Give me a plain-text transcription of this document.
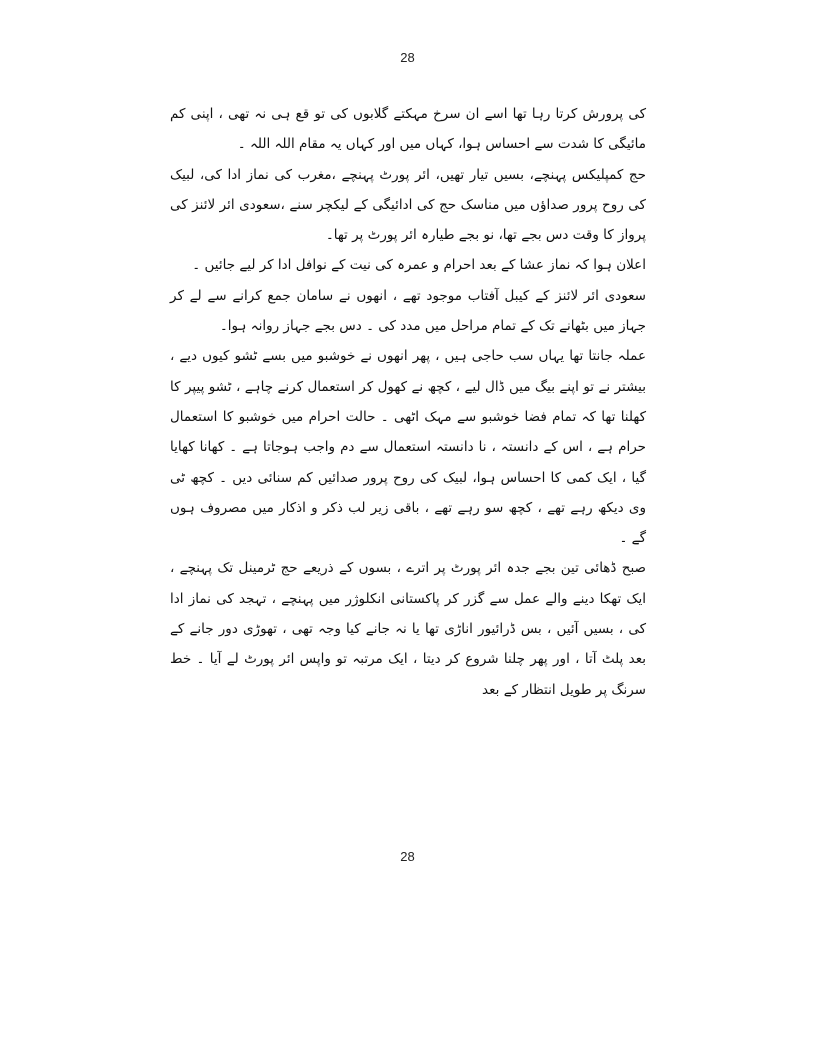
28

کی پرورش کرتا رہا تھا اسے ان سرخ مہکتے گلابوں کی تو قع ہی نہ تھی ، اپنی کم مائیگی کا شدت سے احساس ہوا، کہاں میں اور کہاں یہ مقام اللہ اللہ ۔

حج کمپلیکس پہنچے، بسیں تیار تھیں، ائر پورٹ پہنچے ،مغرب کی نماز ادا کی، لبیک کی روح پرور صداؤں میں مناسک حج کی ادائیگی کے لیکچر سنے ،سعودی ائر لائنز کی پرواز کا وقت دس بجے تھا، نو بجے طیارہ ائر پورٹ پر تھا۔

اعلان ہوا کہ نماز عشا کے بعد احرام و عمرہ کی نیت کے نوافل ادا کر لیے جائیں ۔

سعودی ائر لائنز کے کیبل آفتاب موجود تھے ، انھوں نے سامان جمع کرانے سے لے کر جہاز میں بٹھانے تک کے تمام مراحل میں مدد کی ۔ دس بجے جہاز روانہ ہوا۔

عملہ جانتا تھا یہاں سب حاجی ہیں ، پھر انھوں نے خوشبو میں بسے ٹشو کیوں دیے ، بیشتر نے تو اپنے بیگ میں ڈال لیے ، کچھ نے کھول کر استعمال کرنے چاہے ، ٹشو پیپر کا کھلنا تھا کہ تمام فضا خوشبو سے مہک اٹھی ۔ حالت احرام میں خوشبو کا استعمال حرام ہے ، اس کے دانستہ ، نا دانستہ استعمال سے دم واجب ہوجاتا ہے ۔ کھانا کھایا گیا ، ایک کمی کا احساس ہوا، لبیک کی روح پرور صدائیں کم سنائی دیں ۔ کچھ ٹی وی دیکھ رہے تھے ، کچھ سو رہے تھے ، باقی زیر لب ذکر و اذکار میں مصروف ہوں گے ۔

صبح ڈھائی تین بجے جدہ ائر پورٹ پر اترے ، بسوں کے ذریعے حج ٹرمینل تک پہنچے ، ایک تھکا دینے والے عمل سے گزر کر پاکستانی انکلوژر میں پہنچے ، تہجد کی نماز ادا کی ، بسیں آئیں ، بس ڈرائیور اناڑی تھا یا نہ جانے کیا وجہ تھی ، تھوڑی دور جانے کے بعد پلٹ آتا ، اور پھر چلنا شروع کر دیتا ، ایک مرتبہ تو واپس ائر پورٹ لے آیا ۔ خط سرنگ پر طویل انتظار کے بعد

28
